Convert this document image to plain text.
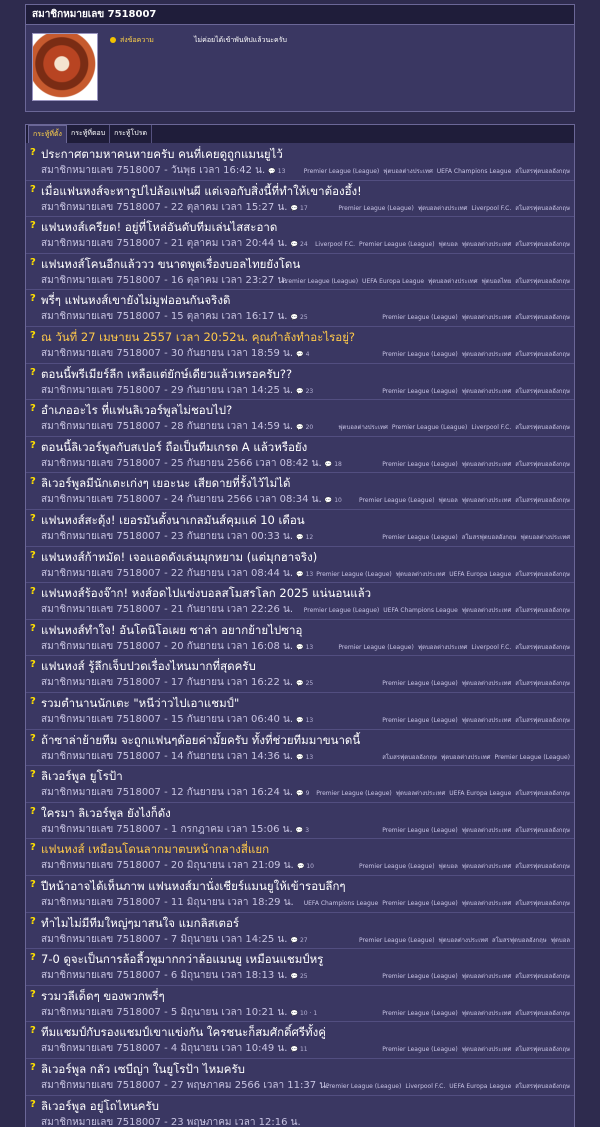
สมาชิกหมายเลข 7518007
ส่งข้อความ	ไม่ค่อยได้เข้าพันทิปแล้วนะครับ
กระทู้ที่ตั้ง	กระทู้ที่ตอบ	กระทู้โปรด
? ประกาศตามหาคนหายครับ คนที่เคยดูถูกแมนยูไว้
สมาชิกหมายเลข 7518007 - วันพุธ เวลา 16:42 น. 💬 13	Premier League (League) ฟุตบอลต่างประเทศ UEFA Champions League สโมสรฟุตบอลอังกฤษ
? เมื่อแฟนหงส์จะหารูปไปล้อแฟนผี แต่เจอกับสิ่งนี้ที่ทำให้เขาต้องอึ้ง!
สมาชิกหมายเลข 7518007 - 22 ตุลาคม เวลา 15:27 น. 💬 17	Premier League (League) ฟุตบอลต่างประเทศ Liverpool F.C. สโมสรฟุตบอลอังกฤษ
? แฟนหงส์เครียด! อยู่ที่โหล่อันดับทีมเล่นไสสะอาด
สมาชิกหมายเลข 7518007 - 21 ตุลาคม เวลา 20:44 น. 💬 24	Liverpool F.C. Premier League (League) ฟุตบอล ฟุตบอลต่างประเทศ สโมสรฟุตบอลอังกฤษ
? แฟนหงส์โคนอีกแล้ววว ขนาดพูดเรื่องบอลไทยยังโดน
สมาชิกหมายเลข 7518007 - 16 ตุลาคม เวลา 23:27 น.
Premier League (League) UEFA Europa League ฟุตบอลต่างประเทศ ฟุตบอลไทย สโมสรฟุตบอลอังกฤษ
? พรี่ๆ แฟนหงส์เขายังไม่มูฟออนกันจริงดิ
สมาชิกหมายเลข 7518007 - 15 ตุลาคม เวลา 16:17 น. 💬 25	Premier League (League) ฟุตบอลต่างประเทศ สโมสรฟุตบอลอังกฤษ
? ณ วันที่ 27 เมษายน 2557 เวลา 20:52น. คุณกำลังทำอะไรอยู่?
สมาชิกหมายเลข 7518007 - 30 กันยายน เวลา 18:59 น. 💬 4	Premier League (League) ฟุตบอลต่างประเทศ สโมสรฟุตบอลอังกฤษ
? ตอนนี้พรีเมียร์ลีก เหลือแต่ยักษ์เดียวแล้วเหรอครับ??
สมาชิกหมายเลข 7518007 - 29 กันยายน เวลา 14:25 น. 💬 23	Premier League (League) ฟุตบอลต่างประเทศ สโมสรฟุตบอลอังกฤษ
? อำเภออะไร ที่แฟนลิเวอร์พูลไม่ชอบไป?
สมาชิกหมายเลข 7518007 - 28 กันยายน เวลา 14:59 น. 💬 20	ฟุตบอลต่างประเทศ Premier League (League) Liverpool F.C. สโมสรฟุตบอลอังกฤษ
? ตอนนี้ลิเวอร์พูลกับสเปอร์ ถือเป็นทีมเกรด A แล้วหรือยัง
สมาชิกหมายเลข 7518007 - 25 กันยายน 2566 เวลา 08:42 น. 💬 18	Premier League (League) ฟุตบอลต่างประเทศ สโมสรฟุตบอลอังกฤษ
? ลิเวอร์พูลมีนักเตะเก่งๆ เยอะนะ เสียดายที่รั้งไว้ไม่ได้
สมาชิกหมายเลข 7518007 - 24 กันยายน 2566 เวลา 08:34 น. 💬 10	Premier League (League) ฟุตบอล ฟุตบอลต่างประเทศ สโมสรฟุตบอลอังกฤษ
? แฟนหงส์สะดุ้ง! เยอรมันตั้งนาเกลมันส์คุมแค่ 10 เดือน
สมาชิกหมายเลข 7518007 - 23 กันยายน เวลา 00:33 น. 💬 12	Premier League (League) สโมสรฟุตบอลอังกฤษ ฟุตบอลต่างประเทศ
? แฟนหงส์ก้าหมัด! เจอแอดดังเล่นมุกหยาม (แต่มุกฮาจริง)
สมาชิกหมายเลข 7518007 - 22 กันยายน เวลา 08:44 น. 💬 13 Premier League (League) ฟุตบอลต่างประเทศ UEFA Europa League สโมสรฟุตบอลอังกฤษ
? แฟนหงส์ร้องจ๊าก! หงส์อดไปแข่งบอลสโมสรโลก 2025 แน่นอนแล้ว
สมาชิกหมายเลข 7518007 - 21 กันยายน เวลา 22:26 น.	Premier League (League) UEFA Champions League ฟุตบอลต่างประเทศ สโมสรฟุตบอลอังกฤษ
? แฟนหงส์ทำใจ! อันโตนิโอเผย ซาล่า อยากย้ายไปซาอุ
สมาชิกหมายเลข 7518007 - 20 กันยายน เวลา 16:08 น. 💬 13	Premier League (League) ฟุตบอลต่างประเทศ Liverpool F.C. สโมสรฟุตบอลอังกฤษ
? แฟนหงส์ รู้ลึกเจ็บปวดเรื่องไหนมากที่สุดครับ
สมาชิกหมายเลข 7518007 - 17 กันยายน เวลา 16:22 น. 💬 25	Premier League (League) ฟุตบอลต่างประเทศ สโมสรฟุตบอลอังกฤษ
? รวมตำนานนักเตะ "หนีว่าวไปเอาแชมป์"
สมาชิกหมายเลข 7518007 - 15 กันยายน เวลา 06:40 น. 💬 13	Premier League (League) ฟุตบอลต่างประเทศ สโมสรฟุตบอลอังกฤษ
? ถ้าซาล่าย้ายทีม จะถูกแฟนๆด้อยค่ามั้ยครับ ทั้งที่ช่วยทีมมาขนาดนี้
สมาชิกหมายเลข 7518007 - 14 กันยายน เวลา 14:36 น. 💬 13	สโมสรฟุตบอลอังกฤษ ฟุตบอลต่างประเทศ Premier League (League)
? ลิเวอร์พูล ยูโรป้า
สมาชิกหมายเลข 7518007 - 12 กันยายน เวลา 16:24 น. 💬 9	Premier League (League) ฟุตบอลต่างประเทศ UEFA Europa League สโมสรฟุตบอลอังกฤษ
? ใครมา ลิเวอร์พูล ยังไงก็ดัง
สมาชิกหมายเลข 7518007 - 1 กรกฎาคม เวลา 15:06 น. 💬 3	Premier League (League) ฟุตบอลต่างประเทศ สโมสรฟุตบอลอังกฤษ
? แฟนหงส์ เหมือนโดนลากมาตบหน้ากลางสี่แยก
สมาชิกหมายเลข 7518007 - 20 มิถุนายน เวลา 21:09 น. 💬 10	Premier League (League) ฟุตบอล ฟุตบอลต่างประเทศ สโมสรฟุตบอลอังกฤษ
? ปีหน้าอาจได้เห็นภาพ แฟนหงส์มานั่งเชียร์แมนยูให้เข้ารอบลึกๆ
สมาชิกหมายเลข 7518007 - 11 มิถุนายน เวลา 18:29 น.	UEFA Champions League Premier League (League) ฟุตบอลต่างประเทศ สโมสรฟุตบอลอังกฤษ
? ทำไมไม่มีทีมใหญ่ๆมาสนใจ แมกลิสเตอร์
สมาชิกหมายเลข 7518007 - 7 มิถุนายน เวลา 14:25 น. 💬 27	Premier League (League) ฟุตบอลต่างประเทศ สโมสรฟุตบอลอังกฤษ ฟุตบอล
? 7-0 ดูจะเป็นการล้อลี้วพูมากกว่าล้อแมนยู เหมือนแชมป์หรู
สมาชิกหมายเลข 7518007 - 6 มิถุนายน เวลา 18:13 น. 💬 25	Premier League (League) ฟุตบอลต่างประเทศ สโมสรฟุตบอลอังกฤษ
? รวมวลีเด็ดๆ ของพวกพรี่ๆ
สมาชิกหมายเลข 7518007 - 5 มิถุนายน เวลา 10:21 น. 💬 10 · 1	Premier League (League) ฟุตบอลต่างประเทศ สโมสรฟุตบอลอังกฤษ
? ทีมแชมป์กับรองแชมป์เขาแข่งกัน ใครชนะก็สมศักดิ์ศรีทั้งคู่
สมาชิกหมายเลข 7518007 - 4 มิถุนายน เวลา 10:49 น. 💬 11	Premier League (League) ฟุตบอลต่างประเทศ สโมสรฟุตบอลอังกฤษ
? ลิเวอร์พูล กลัว เซบีญ่า ในยูโรป้า ไหมครับ
สมาชิกหมายเลข 7518007 - 27 พฤษภาคม 2566 เวลา 11:37 น.
Premier League (League) Liverpool F.C. UEFA Europa League สโมสรฟุตบอลอังกฤษ
? ลิเวอร์พูล อยู่โถไหนครับ
สมาชิกหมายเลข 7518007 - 23 พฤษภาคม เวลา 12:16 น.
